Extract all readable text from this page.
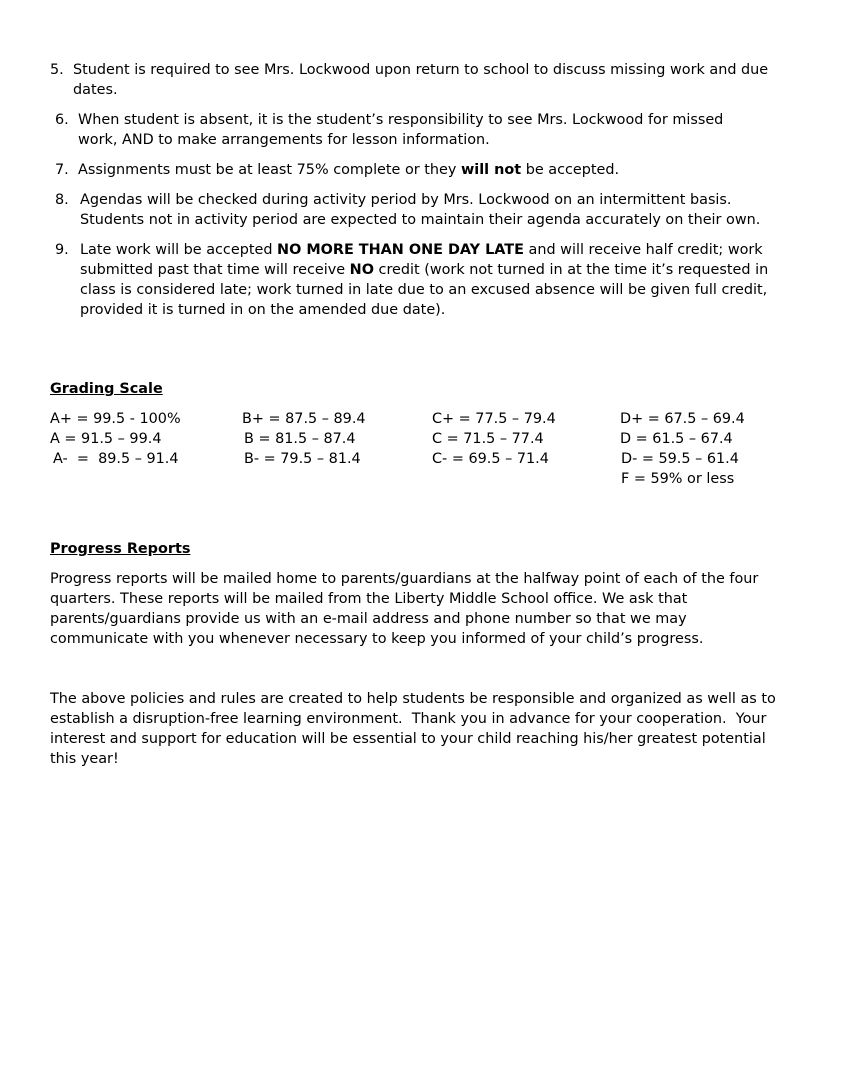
5. Student is required to see Mrs. Lockwood upon return to school to discuss missing work and due
dates.
6. When student is absent, it is the student’s responsibility to see Mrs. Lockwood for missed
work, AND to make arrangements for lesson information.
7. Assignments must be at least 75% complete or they will not be accepted.
8. Agendas will be checked during activity period by Mrs. Lockwood on an intermittent basis.
Students not in activity period are expected to maintain their agenda accurately on their own.
9. Late work will be accepted NO MORE THAN ONE DAY LATE and will receive half credit; work
submitted past that time will receive NO credit (work not turned in at the time it’s requested in
class is considered late; work turned in late due to an excused absence will be given full credit,
provided it is turned in on the amended due date).
Grading Scale
A+ = 99.5 - 100%
A = 91.5 – 99.4
A-  =  89.5 – 91.4
B+ = 87.5 – 89.4
B = 81.5 – 87.4
B- = 79.5 – 81.4
C+ = 77.5 – 79.4
C = 71.5 – 77.4
C- = 69.5 – 71.4
D+ = 67.5 – 69.4
D = 61.5 – 67.4
D- = 59.5 – 61.4
F = 59% or less
Progress Reports
Progress reports will be mailed home to parents/guardians at the halfway point of each of the four
quarters. These reports will be mailed from the Liberty Middle School office. We ask that
parents/guardians provide us with an e-mail address and phone number so that we may
communicate with you whenever necessary to keep you informed of your child’s progress.
The above policies and rules are created to help students be responsible and organized as well as to
establish a disruption-free learning environment.  Thank you in advance for your cooperation.  Your
interest and support for education will be essential to your child reaching his/her greatest potential
this year!
